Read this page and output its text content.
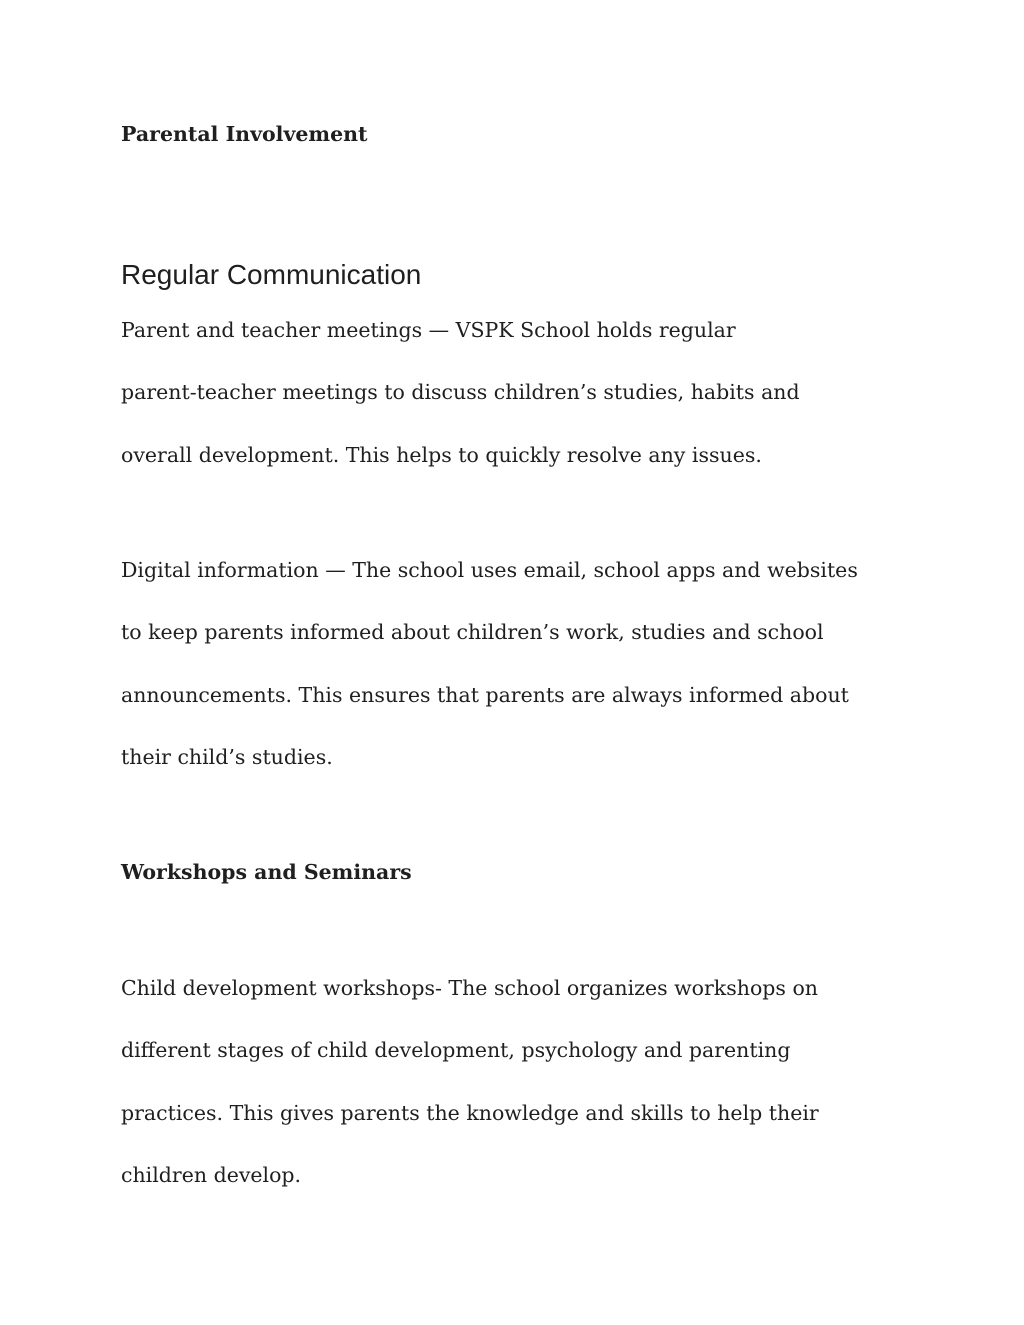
Parental Involvement
Regular Communication

Parent and teacher meetings — VSPK School holds regular
parent-teacher meetings to discuss children’s studies, habits and
overall development. This helps to quickly resolve any issues.

Digital information — The school uses email, school apps and websites
to keep parents informed about children’s work, studies and school
announcements. This ensures that parents are always informed about
their child’s studies.

Workshops and Seminars

Child development workshops- The school organizes workshops on
different stages of child development, psychology and parenting
practices. This gives parents the knowledge and skills to help their
children develop.
